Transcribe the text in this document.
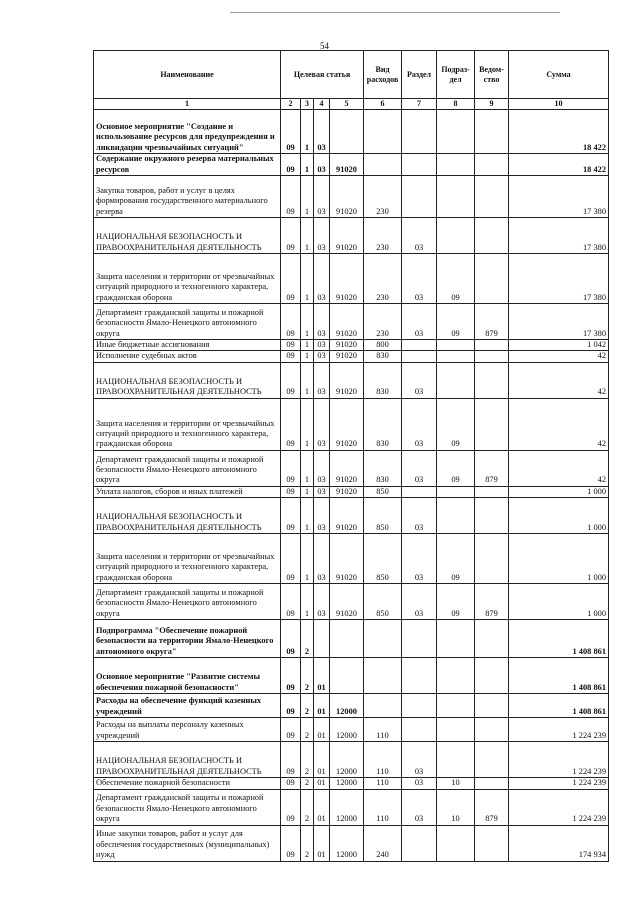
54
Наименование	Целевая статья				Вид расходов	Раздел	Подраз-дел	Ведом-ство	Сумма
1	2	3	4	5	6	7	8	9	10
Основное мероприятие "Создание и использование ресурсов для предупреждения и ликвидации чрезвычайных ситуаций"	09	1	03						18 422
Содержание окружного резерва материальных ресурсов	09	1	03	91020					18 422
Закупка товаров, работ и услуг в целях формирования государственного материального резерва	09	1	03	91020	230				17 380
НАЦИОНАЛЬНАЯ БЕЗОПАСНОСТЬ И ПРАВООХРАНИТЕЛЬНАЯ ДЕЯТЕЛЬНОСТЬ	09	1	03	91020	230	03			17 380
Защита населения и территории от чрезвычайных ситуаций природного и техногенного характера, гражданская оборона	09	1	03	91020	230	03	09		17 380
Департамент гражданской защиты и пожарной безопасности Ямало-Ненецкого автономного округа	09	1	03	91020	230	03	09	879	17 380
Иные бюджетные ассигнования	09	1	03	91020	800				1 042
Исполнение судебных актов	09	1	03	91020	830				42
НАЦИОНАЛЬНАЯ БЕЗОПАСНОСТЬ И ПРАВООХРАНИТЕЛЬНАЯ ДЕЯТЕЛЬНОСТЬ	09	1	03	91020	830	03			42
Защита населения и территории от чрезвычайных ситуаций природного и техногенного характера, гражданская оборона	09	1	03	91020	830	03	09		42
Департамент гражданской защиты и пожарной безопасности Ямало-Ненецкого автономного округа	09	1	03	91020	830	03	09	879	42
Уплата налогов, сборов и иных платежей	09	1	03	91020	850				1 000
НАЦИОНАЛЬНАЯ БЕЗОПАСНОСТЬ И ПРАВООХРАНИТЕЛЬНАЯ ДЕЯТЕЛЬНОСТЬ	09	1	03	91020	850	03			1 000
Защита населения и территории от чрезвычайных ситуаций природного и техногенного характера, гражданская оборона	09	1	03	91020	850	03	09		1 000
Департамент гражданской защиты и пожарной безопасности Ямало-Ненецкого автономного округа	09	1	03	91020	850	03	09	879	1 000
Подпрограмма "Обеспечение пожарной безопасности на территории Ямало-Ненецкого автономного округа"	09	2							1 408 861
Основное мероприятие "Развитие системы обеспечения пожарной безопасности"	09	2	01						1 408 861
Расходы на обеспечение функций казенных учреждений	09	2	01	12000					1 408 861
Расходы на выплаты персоналу казенных учреждений	09	2	01	12000	110				1 224 239
НАЦИОНАЛЬНАЯ БЕЗОПАСНОСТЬ И ПРАВООХРАНИТЕЛЬНАЯ ДЕЯТЕЛЬНОСТЬ	09	2	01	12000	110	03			1 224 239
Обеспечение пожарной безопасности	09	2	01	12000	110	03	10		1 224 239
Департамент гражданской защиты и пожарной безопасности Ямало-Ненецкого автономного округа	09	2	01	12000	110	03	10	879	1 224 239
Иные закупки товаров, работ и услуг для обеспечения государственных (муниципальных) нужд	09	2	01	12000	240				174 934
